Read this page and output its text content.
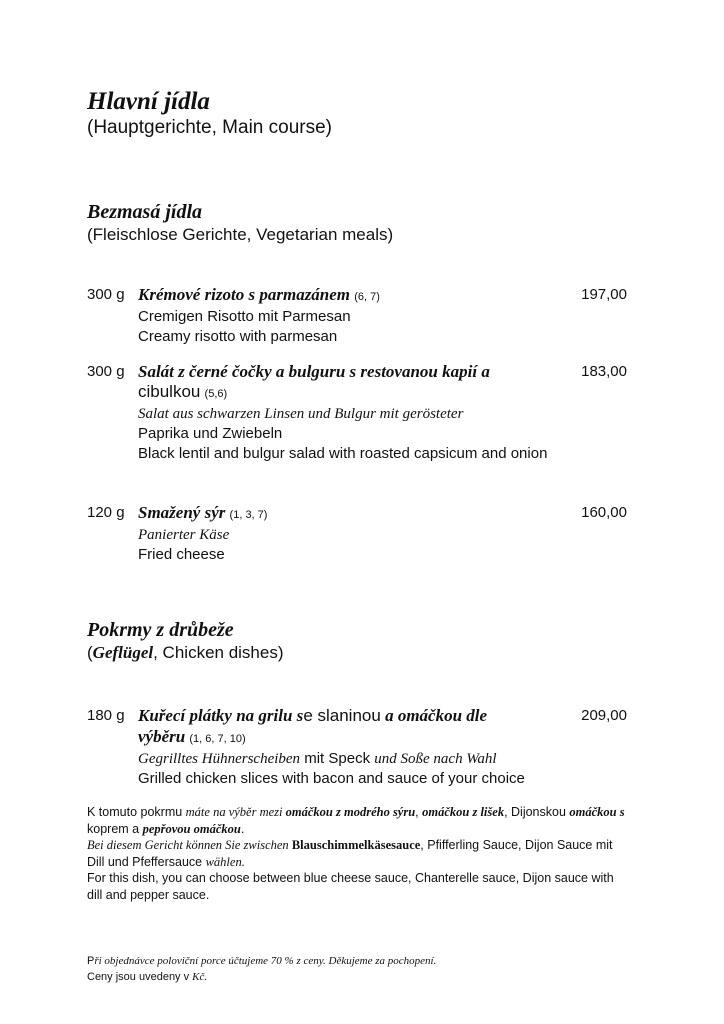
Hlavní jídla
(Hauptgerichte, Main course)
Bezmasá jídla
(Fleischlose Gerichte, Vegetarian meals)
300 g	197,00
Krémové rizoto s parmazánem (6, 7)
Cremigen Risotto mit Parmesan
Creamy risotto with parmesan
300 g	183,00
Salát z černé čočky a bulguru s restovanou kapií a
cibulkou (5,6)
Salat aus schwarzen Linsen und Bulgur mit gerösteter
Paprika und Zwiebeln
Black lentil and bulgur salad with roasted capsicum and onion
120 g	160,00
Smažený sýr (1, 3, 7)
Panierter Käse
Fried cheese
Pokrmy z drůbeže
(Geflügel, Chicken dishes)
180 g	209,00
Kuřecí plátky na grilu se slaninou a omáčkou dle
výběru (1, 6, 7, 10)
Gegrilltes Hühnerscheiben mit Speck und Soße nach Wahl
Grilled chicken slices with bacon and sauce of your choice
K tomuto pokrmu máte na výběr mezi omáčkou z modrého sýru, omáčkou z lišek, Dijonskou omáčkou s koprem a pepřovou omáčkou.
Bei diesem Gericht können Sie zwischen Blauschimmelkäsesauce, Pfifferling Sauce, Dijon Sauce mit Dill und Pfeffersauce wählen.
For this dish, you can choose between blue cheese sauce, Chanterelle sauce, Dijon sauce with dill and pepper sauce.
Při objednávce poloviční porce účtujeme 70 % z ceny. Děkujeme za pochopení.
Ceny jsou uvedeny v Kč.
